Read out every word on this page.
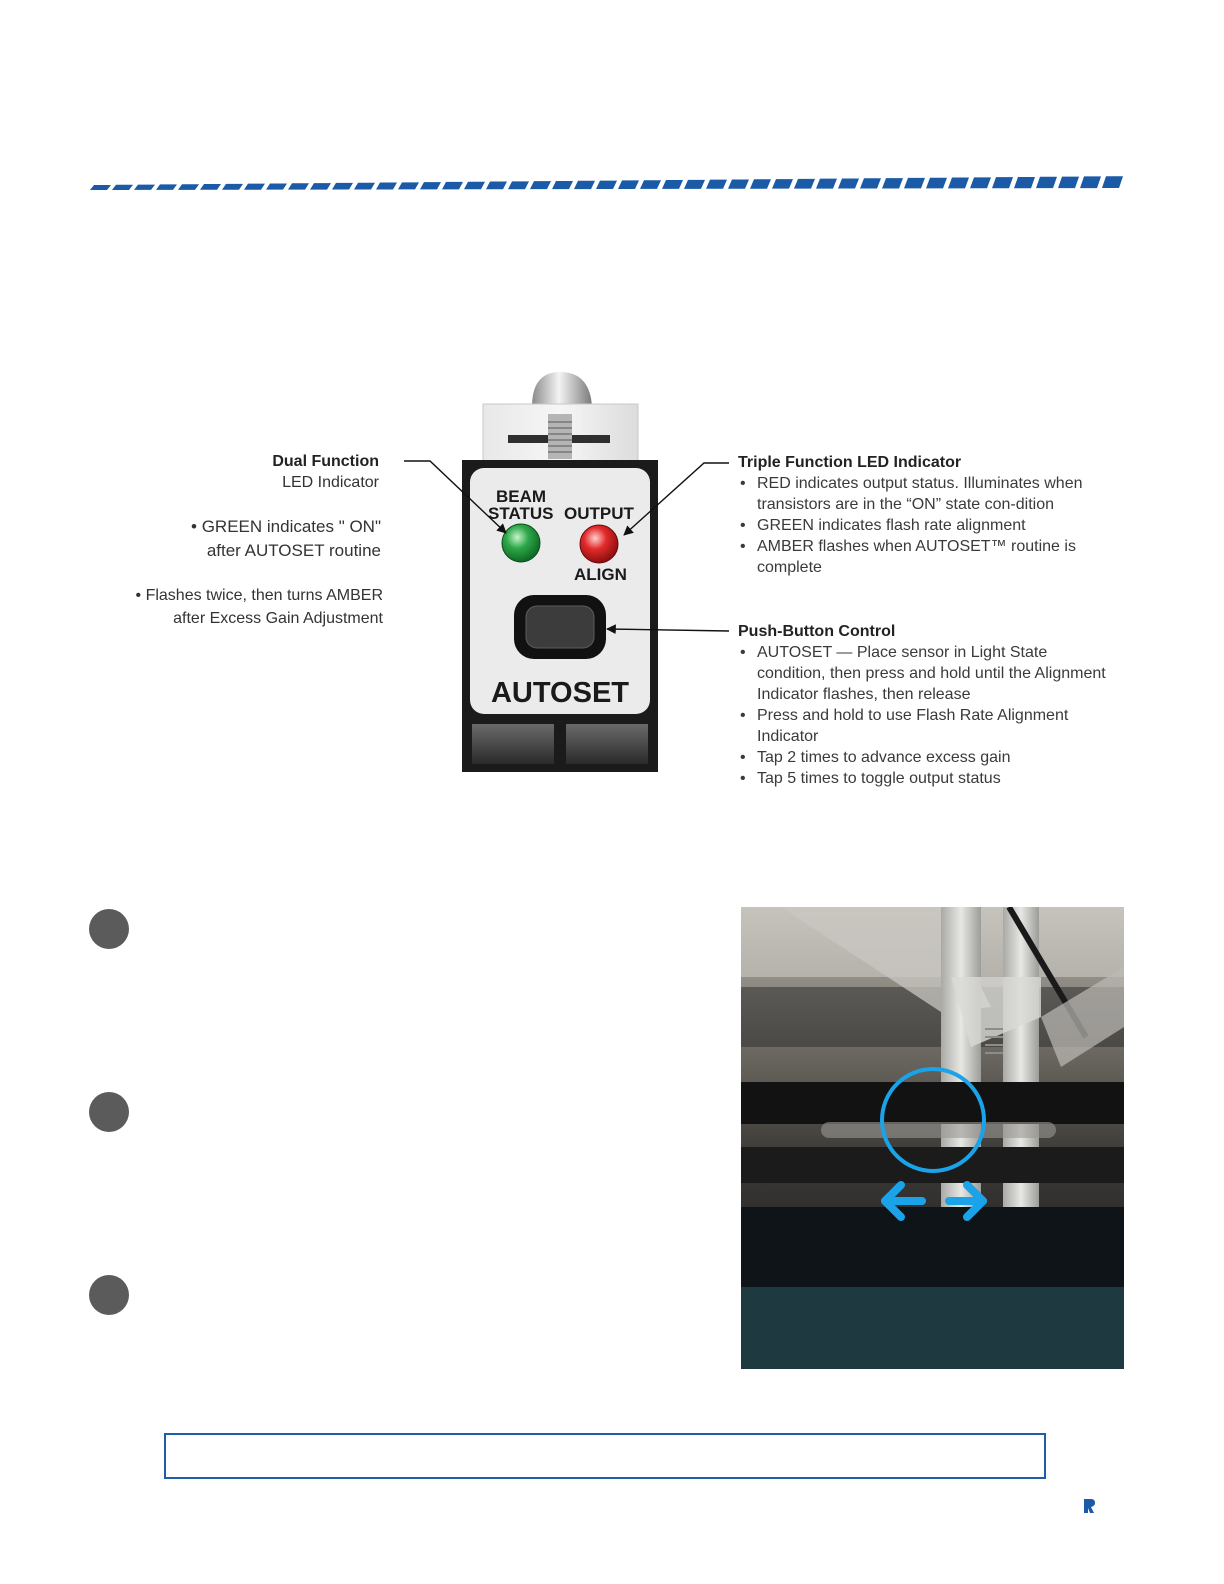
BEAM
STATUS OUTPUT
ALIGN
AUTOSET
Dual Function
LED Indicator
• GREEN indicates " ON"
after AUTOSET routine
• Flashes twice, then turns AMBER
after Excess Gain Adjustment
Triple Function LED Indicator
• RED indicates output status. Illuminates when transistors are in the “ON” state con-dition
• GREEN indicates flash rate alignment
• AMBER flashes when AUTOSET™ routine is complete
Push-Button Control
• AUTOSET — Place sensor in Light State condition, then press and hold until the Alignment Indicator flashes, then release
• Press and hold to use Flash Rate Alignment Indicator
• Tap 2 times to advance excess gain
• Tap 5 times to toggle output status
